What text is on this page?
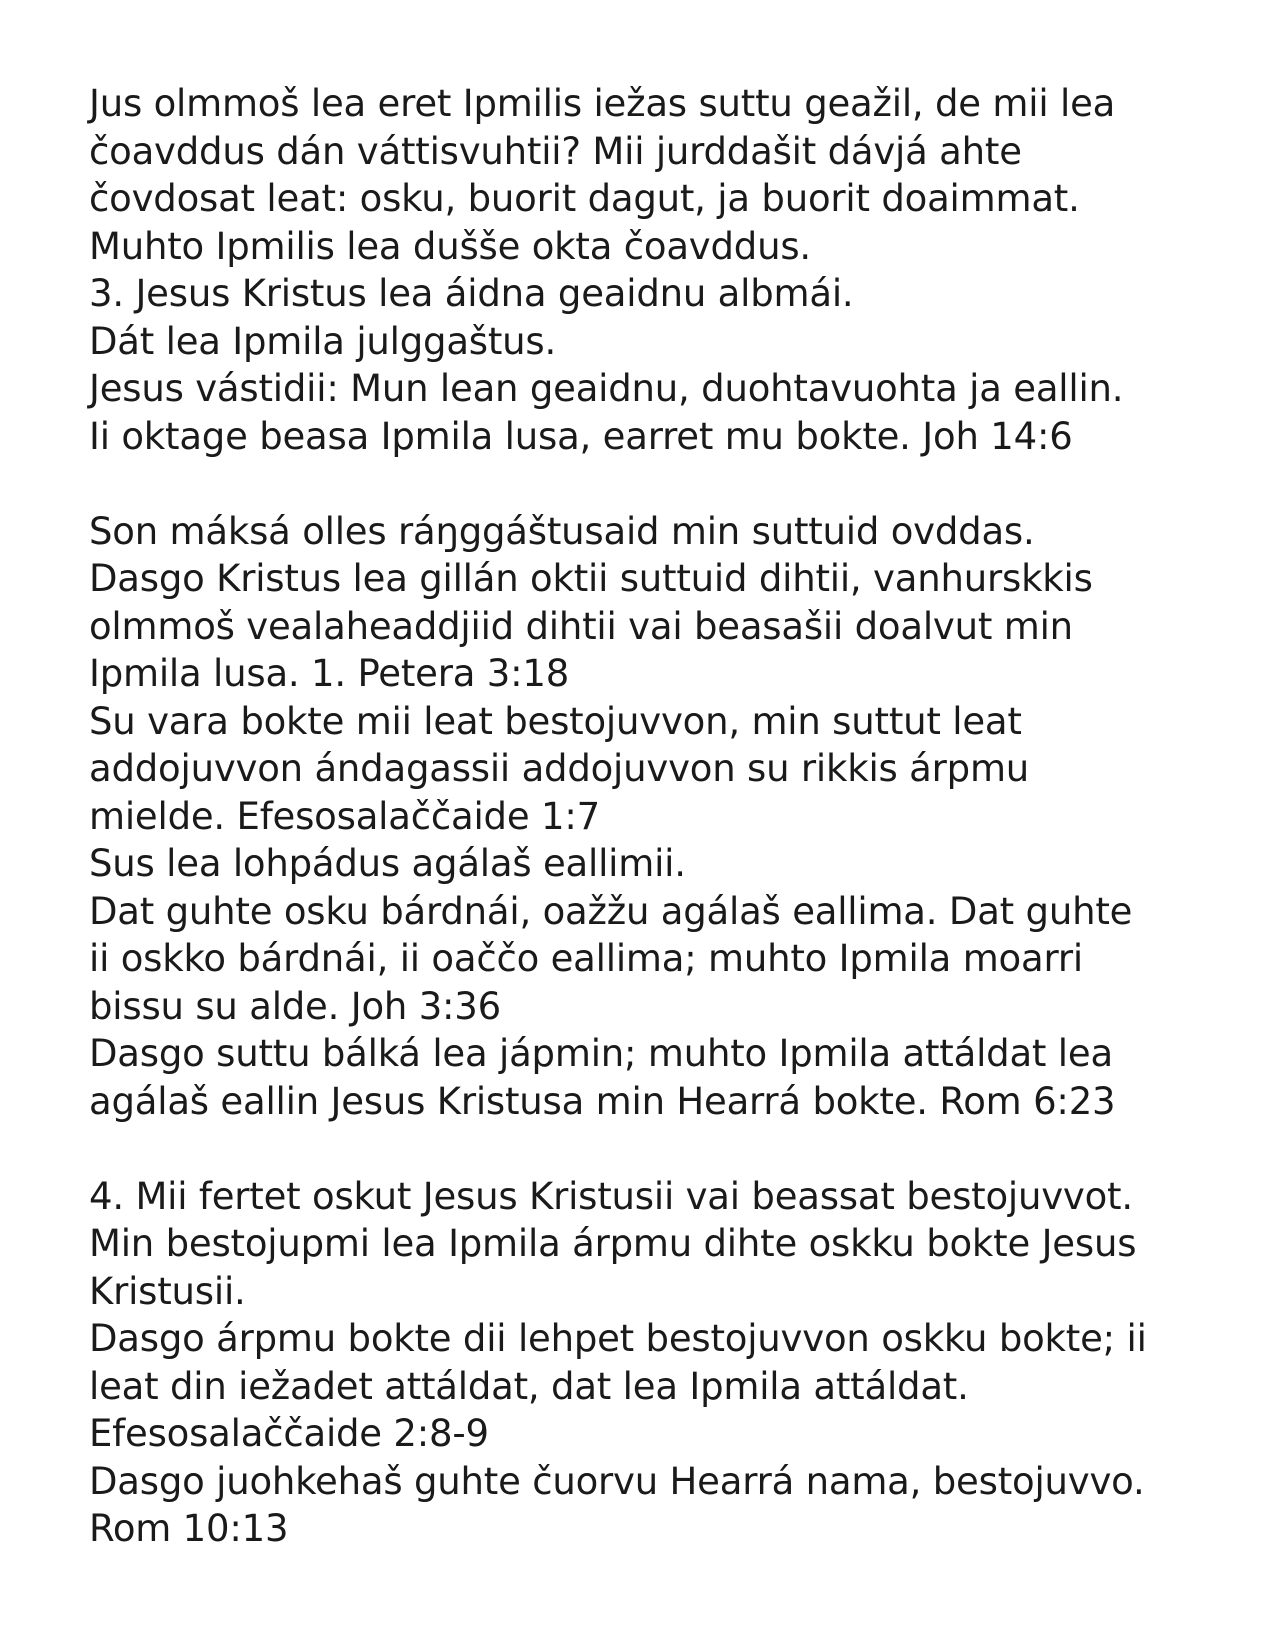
Jus olmmoš lea eret Ipmilis iežas suttu geažil, de mii lea
čoavddus dán váttisvuhtii? Mii jurddašit dávjá ahte
čovdosat leat: osku, buorit dagut, ja buorit doaimmat.
Muhto Ipmilis lea dušše okta čoavddus.
3. Jesus Kristus lea áidna geaidnu albmái.
Dát lea Ipmila julggaštus.
Jesus vástidii: Mun lean geaidnu, duohtavuohta ja eallin.
Ii oktage beasa Ipmila lusa, earret mu bokte. Joh 14:6
Son máksá olles ráŋggáštusaid min suttuid ovddas.
Dasgo Kristus lea gillán oktii suttuid dihtii, vanhurskkis
olmmoš vealaheaddjiid dihtii vai beasašii doalvut min
Ipmila lusa. 1. Petera 3:18
Su vara bokte mii leat bestojuvvon, min suttut leat
addojuvvon ándagassii addojuvvon su rikkis árpmu
mielde. Efesosalaččaide 1:7
Sus lea lohpádus agálaš eallimii.
Dat guhte osku bárdnái, oažžu agálaš eallima. Dat guhte
ii oskko bárdnái, ii oaččo eallima; muhto Ipmila moarri
bissu su alde. Joh 3:36
Dasgo suttu bálká lea jápmin; muhto Ipmila attáldat lea
agálaš eallin Jesus Kristusa min Hearrá bokte. Rom 6:23
4. Mii fertet oskut Jesus Kristusii vai beassat bestojuvvot.
Min bestojupmi lea Ipmila árpmu dihte oskku bokte Jesus
Kristusii.
Dasgo árpmu bokte dii lehpet bestojuvvon oskku bokte; ii
leat din iežadet attáldat, dat lea Ipmila attáldat.
Efesosalaččaide 2:8-9
Dasgo juohkehaš guhte čuorvu Hearrá nama, bestojuvvo.
Rom 10:13
